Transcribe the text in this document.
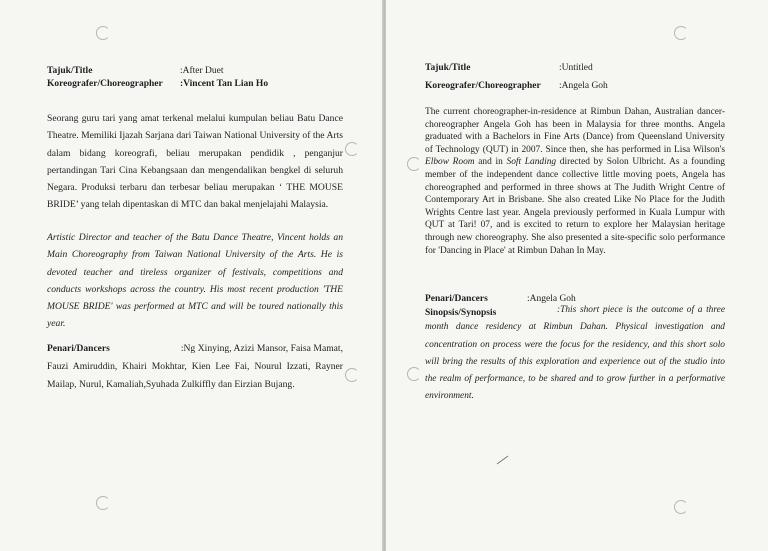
Tajuk/Title	:After Duet
Koreografer/Choreographer :Vincent Tan Lian Ho
Seorang guru tari yang amat terkenal melalui kumpulan beliau Batu Dance Theatre. Memiliki Ijazah Sarjana dari Taiwan National University of the Arts dalam bidang koreografi, beliau merupakan pendidik , penganjur pertandingan Tari Cina Kebangsaan dan mengendalikan bengkel di seluruh Negara. Produksi terbaru dan terbesar beliau merupakan ‘ THE MOUSE BRIDE’ yang telah dipentaskan di MTC dan bakal menjelajahi Malaysia.
Artistic Director and teacher of the Batu Dance Theatre, Vincent holds an Main Choreography from Taiwan National University of the Arts. He is devoted teacher and tireless organizer of festivals, competitions and conducts workshops across the country. His most recent production 'THE MOUSE BRIDE' was performed at MTC and will be toured nationally this year.
Penari/Dancers	:Ng Xinying, Azizi Mansor, Faisa Mamat, Fauzi Amiruddin, Khairi Mokhtar, Kien Lee Fai, Nourul Izzati, Rayner Mailap, Nurul, Kamaliah,Syuhada Zulkiffly dan Eirzian Bujang.
Tajuk/Title	:Untitled
Koreografer/Choreographer :Angela Goh
The current choreographer-in-residence at Rimbun Dahan, Australian dancer-choreographer Angela Goh has been in Malaysia for three months. Angela graduated with a Bachelors in Fine Arts (Dance) from Queensland University of Technology (QUT) in 2007. Since then, she has performed in Lisa Wilson's Elbow Room and in Soft Landing directed by Solon Ulbricht. As a founding member of the independent dance collective little moving poets, Angela has choreographed and performed in three shows at The Judith Wright Centre of Contemporary Art in Brisbane. She also created Like No Place for the Judith Wrights Centre last year. Angela previously performed in Kuala Lumpur with QUT at Tari! 07, and is excited to return to explore her Malaysian heritage through new choreography. She also presented a site-specific solo performance for 'Dancing in Place' at Rimbun Dahan In May.
Penari/Dancers	:Angela Goh
Sinopsis/Synopsis	:This short piece is the outcome of a three month dance residency at Rimbun Dahan. Physical investigation and concentration on process were the focus for the residency, and this short solo will bring the results of this exploration and experience out of the studio into the realm of performance, to be shared and to grow further in a performative environment.
